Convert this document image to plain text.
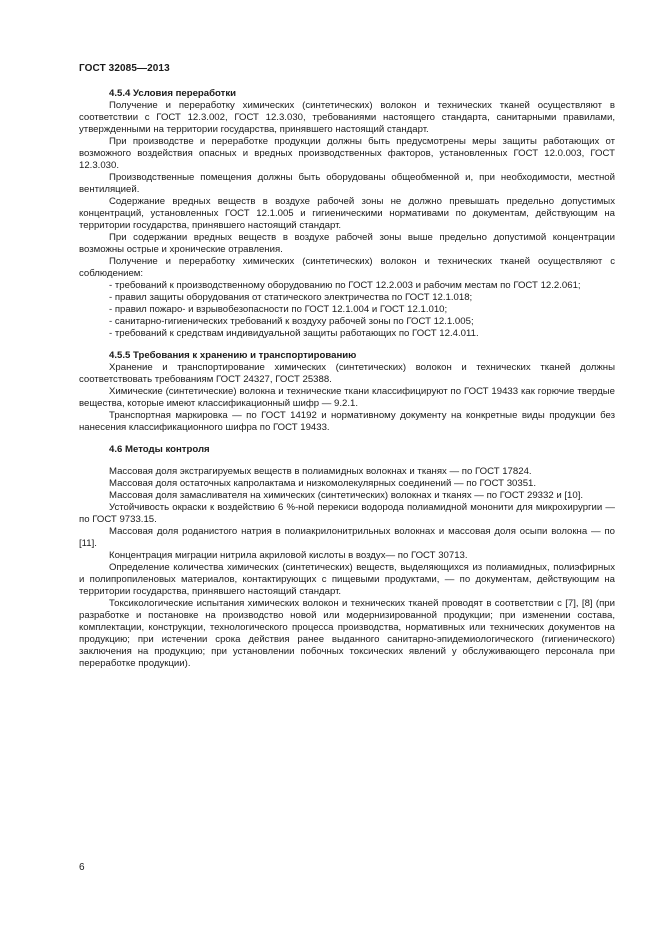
ГОСТ 32085—2013

4.5.4 Условия переработки

Получение и переработку химических (синтетических) волокон и технических тканей осуществляют в соответствии с ГОСТ 12.3.002, ГОСТ 12.3.030, требованиями настоящего стандарта, санитарными правилами, утвержденными на территории государства, принявшего настоящий стандарт.

При производстве и переработке продукции должны быть предусмотрены меры защиты работающих от возможного воздействия опасных и вредных производственных факторов, установленных ГОСТ 12.0.003, ГОСТ 12.3.030.

Производственные помещения должны быть оборудованы общеобменной и, при необходимости, местной вентиляцией.

Содержание вредных веществ в воздухе рабочей зоны не должно превышать предельно допустимых концентраций, установленных ГОСТ 12.1.005 и гигиеническими нормативами по документам, действующим на территории государства, принявшего настоящий стандарт.

При содержании вредных веществ в воздухе рабочей зоны выше предельно допустимой концентрации возможны острые и хронические отравления.

Получение и переработку химических (синтетических) волокон и технических тканей осуществляют с соблюдением:

- требований к производственному оборудованию по ГОСТ 12.2.003 и рабочим местам по ГОСТ 12.2.061;
- правил защиты оборудования от статического электричества по ГОСТ 12.1.018;
- правил пожаро- и взрывобезопасности по ГОСТ 12.1.004 и ГОСТ 12.1.010;
- санитарно-гигиенических требований к воздуху рабочей зоны по ГОСТ 12.1.005;
- требований к средствам индивидуальной защиты работающих по ГОСТ 12.4.011.

4.5.5 Требования к хранению и транспортированию

Хранение и транспортирование химических (синтетических) волокон и технических тканей должны соответствовать требованиям ГОСТ 24327, ГОСТ 25388.

Химические (синтетические) волокна и технические ткани классифицируют по ГОСТ 19433 как горючие твердые вещества, которые имеют классификационный шифр — 9.2.1.

Транспортная маркировка — по ГОСТ 14192 и нормативному документу на конкретные виды продукции без нанесения классификационного шифра по ГОСТ 19433.

4.6 Методы контроля

Массовая доля экстрагируемых веществ в полиамидных волокнах и тканях — по ГОСТ 17824.

Массовая доля остаточных капролактама и низкомолекулярных соединений — по ГОСТ 30351.

Массовая доля замасливателя на химических (синтетических) волокнах и тканях — по ГОСТ 29332 и [10].

Устойчивость окраски к воздействию 6 %-ной перекиси водорода полиамидной мононити для микрохирургии — по ГОСТ 9733.15.

Массовая доля роданистого натрия в полиакрилонитрильных волокнах и массовая доля осыпи волокна — по [11].

Концентрация миграции нитрила акриловой кислоты в воздух— по ГОСТ 30713.

Определение количества химических (синтетических) веществ, выделяющихся из полиамидных, полиэфирных и полипропиленовых материалов, контактирующих с пищевыми продуктами, — по документам, действующим на территории государства, принявшего настоящий стандарт.

Токсикологические испытания химических волокон и технических тканей проводят в соответствии с [7], [8] (при разработке и постановке на производство новой или модернизированной продукции; при изменении состава, комплектации, конструкции, технологического процесса производства, нормативных или технических документов на продукцию; при истечении срока действия ранее выданного санитарно-эпидемиологического (гигиенического) заключения на продукцию; при установлении побочных токсических явлений у обслуживающего персонала при переработке продукции).

6
